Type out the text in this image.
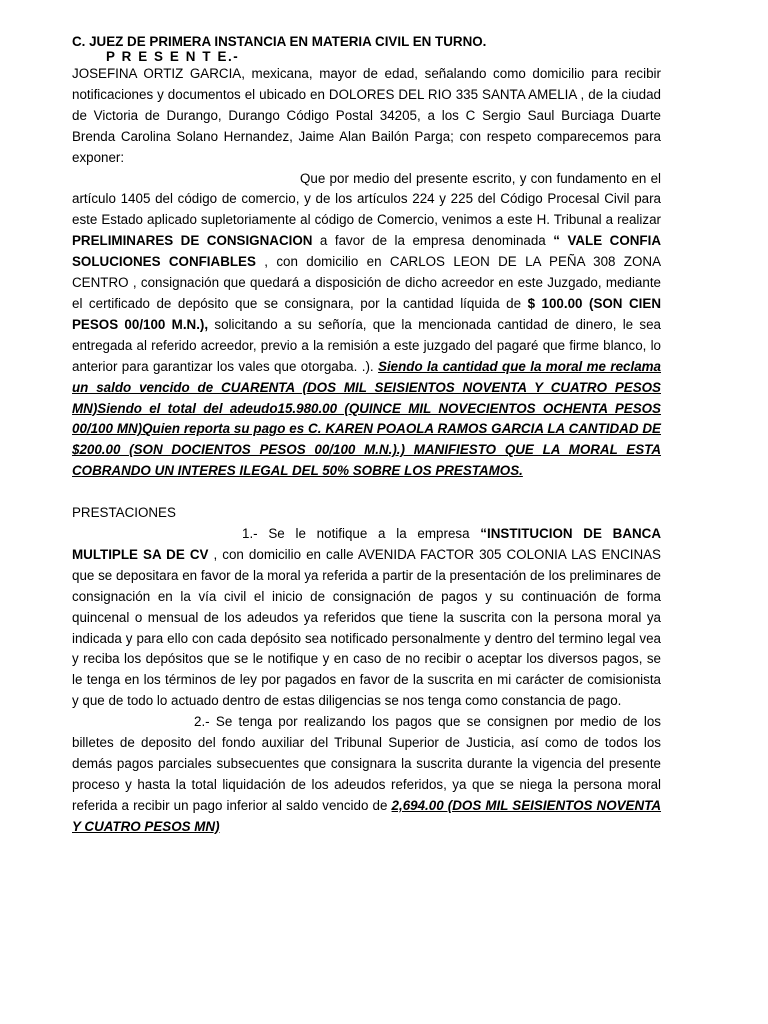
C. JUEZ DE PRIMERA INSTANCIA EN MATERIA CIVIL EN TURNO.

P R E S E N T E.-

JOSEFINA ORTIZ GARCIA, mexicana, mayor de edad, señalando como domicilio para recibir notificaciones y documentos el ubicado en DOLORES DEL RIO 335 SANTA AMELIA , de la ciudad de Victoria de Durango, Durango Código Postal 34205, a los C Sergio Saul Burciaga Duarte Brenda Carolina Solano Hernandez, Jaime Alan Bailón Parga; con respeto comparecemos para exponer:

Que por medio del presente escrito, y con fundamento en el artículo 1405 del código de comercio, y de los artículos 224 y 225 del Código Procesal Civil para este Estado aplicado supletoriamente al código de Comercio, venimos a este H. Tribunal a realizar PRELIMINARES DE CONSIGNACION a favor de la empresa denominada “ VALE CONFIA SOLUCIONES CONFIABLES , con domicilio en CARLOS LEON DE LA PEÑA 308 ZONA CENTRO , consignación que quedará a disposición de dicho acreedor en este Juzgado, mediante el certificado de depósito que se consignara, por la cantidad líquida de $ 100.00 (SON CIEN PESOS 00/100 M.N.), solicitando a su señoría, que la mencionada cantidad de dinero, le sea entregada al referido acreedor, previo a la remisión a este juzgado del pagaré que firme blanco, lo anterior para garantizar los vales que otorgaba. .). Siendo la cantidad que la moral me reclama un saldo vencido de CUARENTA (DOS MIL SEISIENTOS NOVENTA Y CUATRO PESOS MN)Siendo el total del adeudo15.980.00 (QUINCE MIL NOVECIENTOS OCHENTA PESOS 00/100 MN)Quien reporta su pago es C. KAREN POAOLA RAMOS GARCIA LA CANTIDAD DE $200.00 (SON DOCIENTOS PESOS 00/100 M.N.).) MANIFIESTO QUE LA MORAL ESTA COBRANDO UN INTERES ILEGAL DEL 50% SOBRE LOS PRESTAMOS.

PRESTACIONES

1.- Se le notifique a la empresa “INSTITUCION DE BANCA MULTIPLE SA DE CV , con domicilio en calle AVENIDA FACTOR 305 COLONIA LAS ENCINAS que se depositara en favor de la moral ya referida a partir de la presentación de los preliminares de consignación en la vía civil el inicio de consignación de pagos y su continuación de forma quincenal o mensual de los adeudos ya referidos que tiene la suscrita con la persona moral ya indicada y para ello con cada depósito sea notificado personalmente y dentro del termino legal vea y reciba los depósitos que se le notifique y en caso de no recibir o aceptar los diversos pagos, se le tenga en los términos de ley por pagados en favor de la suscrita en mi carácter de comisionista y que de todo lo actuado dentro de estas diligencias se nos tenga como constancia de pago.

2.- Se tenga por realizando los pagos que se consignen por medio de los billetes de deposito del fondo auxiliar del Tribunal Superior de Justicia, así como de todos los demás pagos parciales subsecuentes que consignara la suscrita durante la vigencia del presente proceso y hasta la total liquidación de los adeudos referidos, ya que se niega la persona moral referida a recibir un pago inferior al saldo vencido de 2,694.00 (DOS MIL SEISIENTOS NOVENTA Y CUATRO PESOS MN)
